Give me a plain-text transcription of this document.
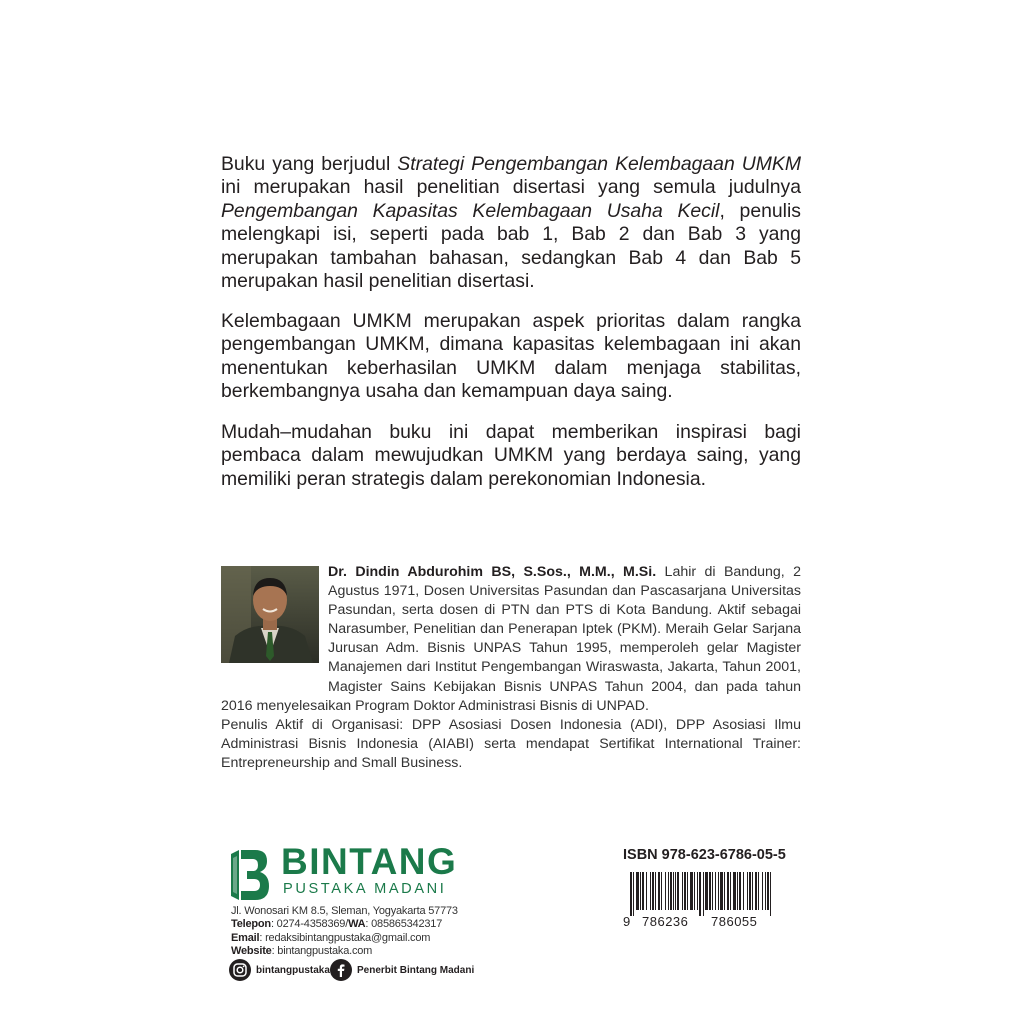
Buku yang berjudul Strategi Pengembangan Kelembagaan UMKM ini merupakan hasil penelitian disertasi yang semula judulnya Pengembangan Kapasitas Kelembagaan Usaha Kecil, penulis melengkapi isi, seperti pada bab 1, Bab 2 dan Bab 3 yang merupakan tambahan bahasan, sedangkan Bab 4 dan Bab 5 merupakan hasil penelitian disertasi.

Kelembagaan UMKM merupakan aspek prioritas dalam rangka pengembangan UMKM, dimana kapasitas kelembagaan ini akan menentukan keberhasilan UMKM dalam menjaga stabilitas, berkembangnya usaha dan kemampuan daya saing.

Mudah–mudahan buku ini dapat memberikan inspirasi bagi pembaca dalam mewujudkan UMKM yang berdaya saing, yang memiliki peran strategis dalam perekonomian Indonesia.

Dr. Dindin Abdurohim BS, S.Sos., M.M., M.Si. Lahir di Bandung, 2 Agustus 1971, Dosen Universitas Pasundan dan Pascasarjana Universitas Pasundan, serta dosen di PTN dan PTS di Kota Bandung. Aktif sebagai Narasumber, Penelitian dan Penerapan Iptek (PKM). Meraih Gelar Sarjana Jurusan Adm. Bisnis UNPAS Tahun 1995, memperoleh gelar Magister Manajemen dari Institut Pengembangan Wiraswasta, Jakarta, Tahun 2001, Magister Sains Kebijakan Bisnis UNPAS Tahun 2004, dan pada tahun 2016 menyelesaikan Program Doktor Administrasi Bisnis di UNPAD.
Penulis Aktif di Organisasi: DPP Asosiasi Dosen Indonesia (ADI), DPP Asosiasi Ilmu Administrasi Bisnis Indonesia (AIABI) serta mendapat Sertifikat International Trainer: Entrepreneurship and Small Business.
BINTANG
PUSTAKA MADANI
Jl. Wonosari KM 8.5, Sleman, Yogyakarta 57773
Telepon: 0274-4358369/WA: 085865342317
Email: redaksibintangpustaka@gmail.com
Website: bintangpustaka.com
bintangpustaka	Penerbit Bintang Madani
ISBN 978-623-6786-05-5
9 786236 786055
